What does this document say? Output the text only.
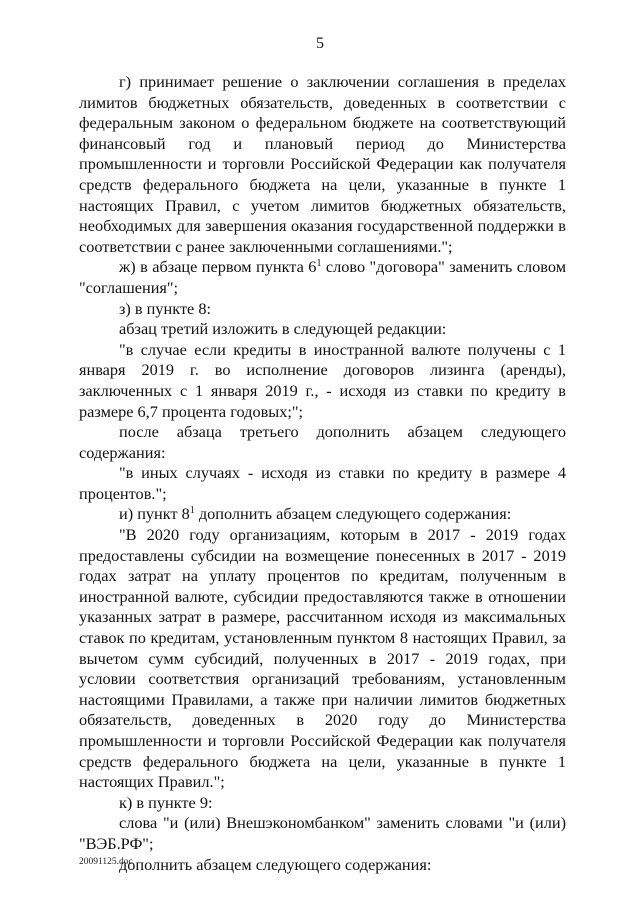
5

г) принимает решение о заключении соглашения в пределах лимитов бюджетных обязательств, доведенных в соответствии с федеральным законом о федеральном бюджете на соответствующий финансовый год и плановый период до Министерства промышленности и торговли Российской Федерации как получателя средств федерального бюджета на цели, указанные в пункте 1 настоящих Правил, с учетом лимитов бюджетных обязательств, необходимых для завершения оказания государственной поддержки в соответствии с ранее заключенными соглашениями.";

ж) в абзаце первом пункта $6^1$ слово "договора" заменить словом "соглашения";

з) в пункте 8:

абзац третий изложить в следующей редакции:

"в случае если кредиты в иностранной валюте получены с 1 января 2019 г. во исполнение договоров лизинга (аренды), заключенных с 1 января 2019 г., - исходя из ставки по кредиту в размере 6,7 процента годовых;";

после абзаца третьего дополнить абзацем следующего содержания:

"в иных случаях - исходя из ставки по кредиту в размере 4 процентов.";

и) пункт $8^1$ дополнить абзацем следующего содержания:

"В 2020 году организациям, которым в 2017 - 2019 годах предоставлены субсидии на возмещение понесенных в 2017 - 2019 годах затрат на уплату процентов по кредитам, полученным в иностранной валюте, субсидии предоставляются также в отношении указанных затрат в размере, рассчитанном исходя из максимальных ставок по кредитам, установленным пунктом 8 настоящих Правил, за вычетом сумм субсидий, полученных в 2017 - 2019 годах, при условии соответствия организаций требованиям, установленным настоящими Правилами, а также при наличии лимитов бюджетных обязательств, доведенных в 2020 году до Министерства промышленности и торговли Российской Федерации как получателя средств федерального бюджета на цели, указанные в пункте 1 настоящих Правил.";

к) в пункте 9:

слова "и (или) Внешэкономбанком" заменить словами "и (или) "ВЭБ.РФ";

дополнить абзацем следующего содержания:

20091125.doc
